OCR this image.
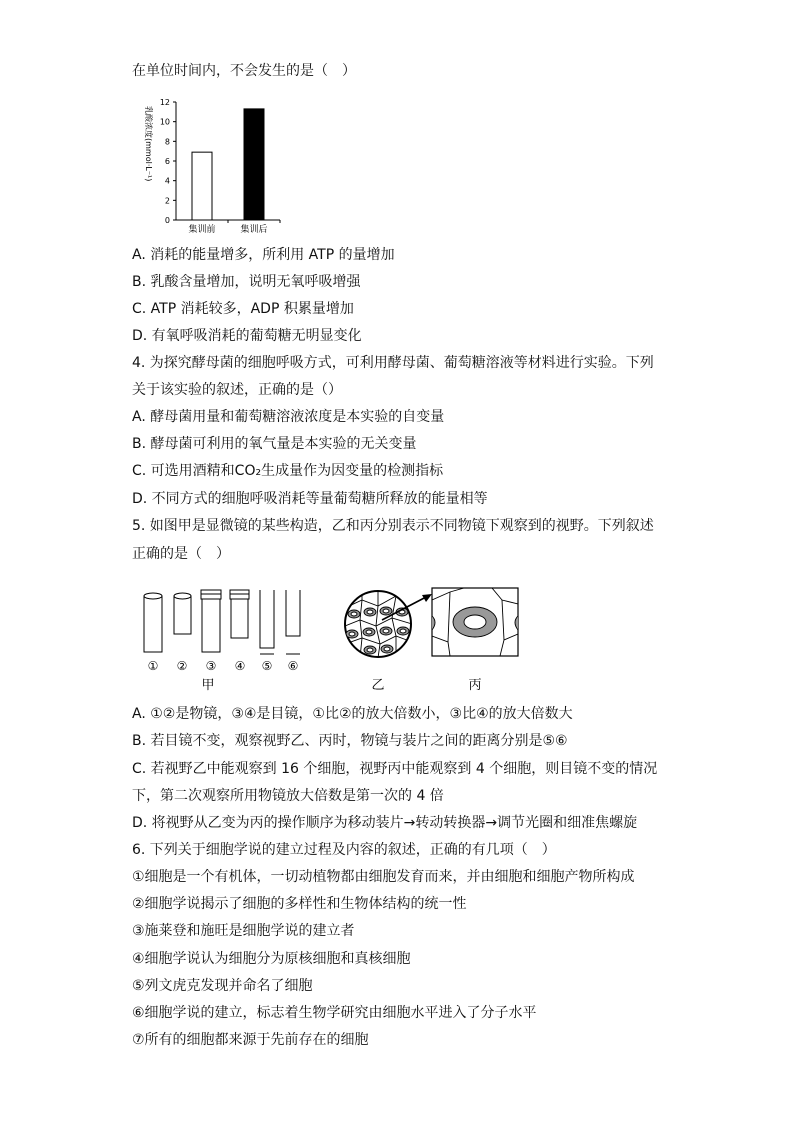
在单位时间内，不会发生的是（　）
乳酸浓度(mmol·L⁻¹)
0
2
4
6
8
10
12
集训前	集训后
A. 消耗的能量增多，所利用 ATP 的量增加
B. 乳酸含量增加，说明无氧呼吸增强
C. ATP 消耗较多，ADP 积累量增加
D. 有氧呼吸消耗的葡萄糖无明显变化
4. 为探究酵母菌的细胞呼吸方式，可利用酵母菌、葡萄糖溶液等材料进行实验。下列
关于该实验的叙述，正确的是（）
A. 酵母菌用量和葡萄糖溶液浓度是本实验的自变量
B. 酵母菌可利用的氧气量是本实验的无关变量
C. 可选用酒精和CO₂生成量作为因变量的检测指标
D. 不同方式的细胞呼吸消耗等量葡萄糖所释放的能量相等
5. 如图甲是显微镜的某些构造，乙和丙分别表示不同物镜下观察到的视野。下列叙述
正确的是（　）
① ② ③ ④ ⑤ ⑥
甲	乙	丙
A. ①②是物镜，③④是目镜，①比②的放大倍数小，③比④的放大倍数大
B. 若目镜不变，观察视野乙、丙时，物镜与装片之间的距离分别是⑤⑥
C. 若视野乙中能观察到 16 个细胞，视野丙中能观察到 4 个细胞，则目镜不变的情况
下，第二次观察所用物镜放大倍数是第一次的 4 倍
D. 将视野从乙变为丙的操作顺序为移动装片→转动转换器→调节光圈和细准焦螺旋
6. 下列关于细胞学说的建立过程及内容的叙述，正确的有几项（　）
①细胞是一个有机体，一切动植物都由细胞发育而来，并由细胞和细胞产物所构成
②细胞学说揭示了细胞的多样性和生物体结构的统一性
③施莱登和施旺是细胞学说的建立者
④细胞学说认为细胞分为原核细胞和真核细胞
⑤列文虎克发现并命名了细胞
⑥细胞学说的建立，标志着生物学研究由细胞水平进入了分子水平
⑦所有的细胞都来源于先前存在的细胞
